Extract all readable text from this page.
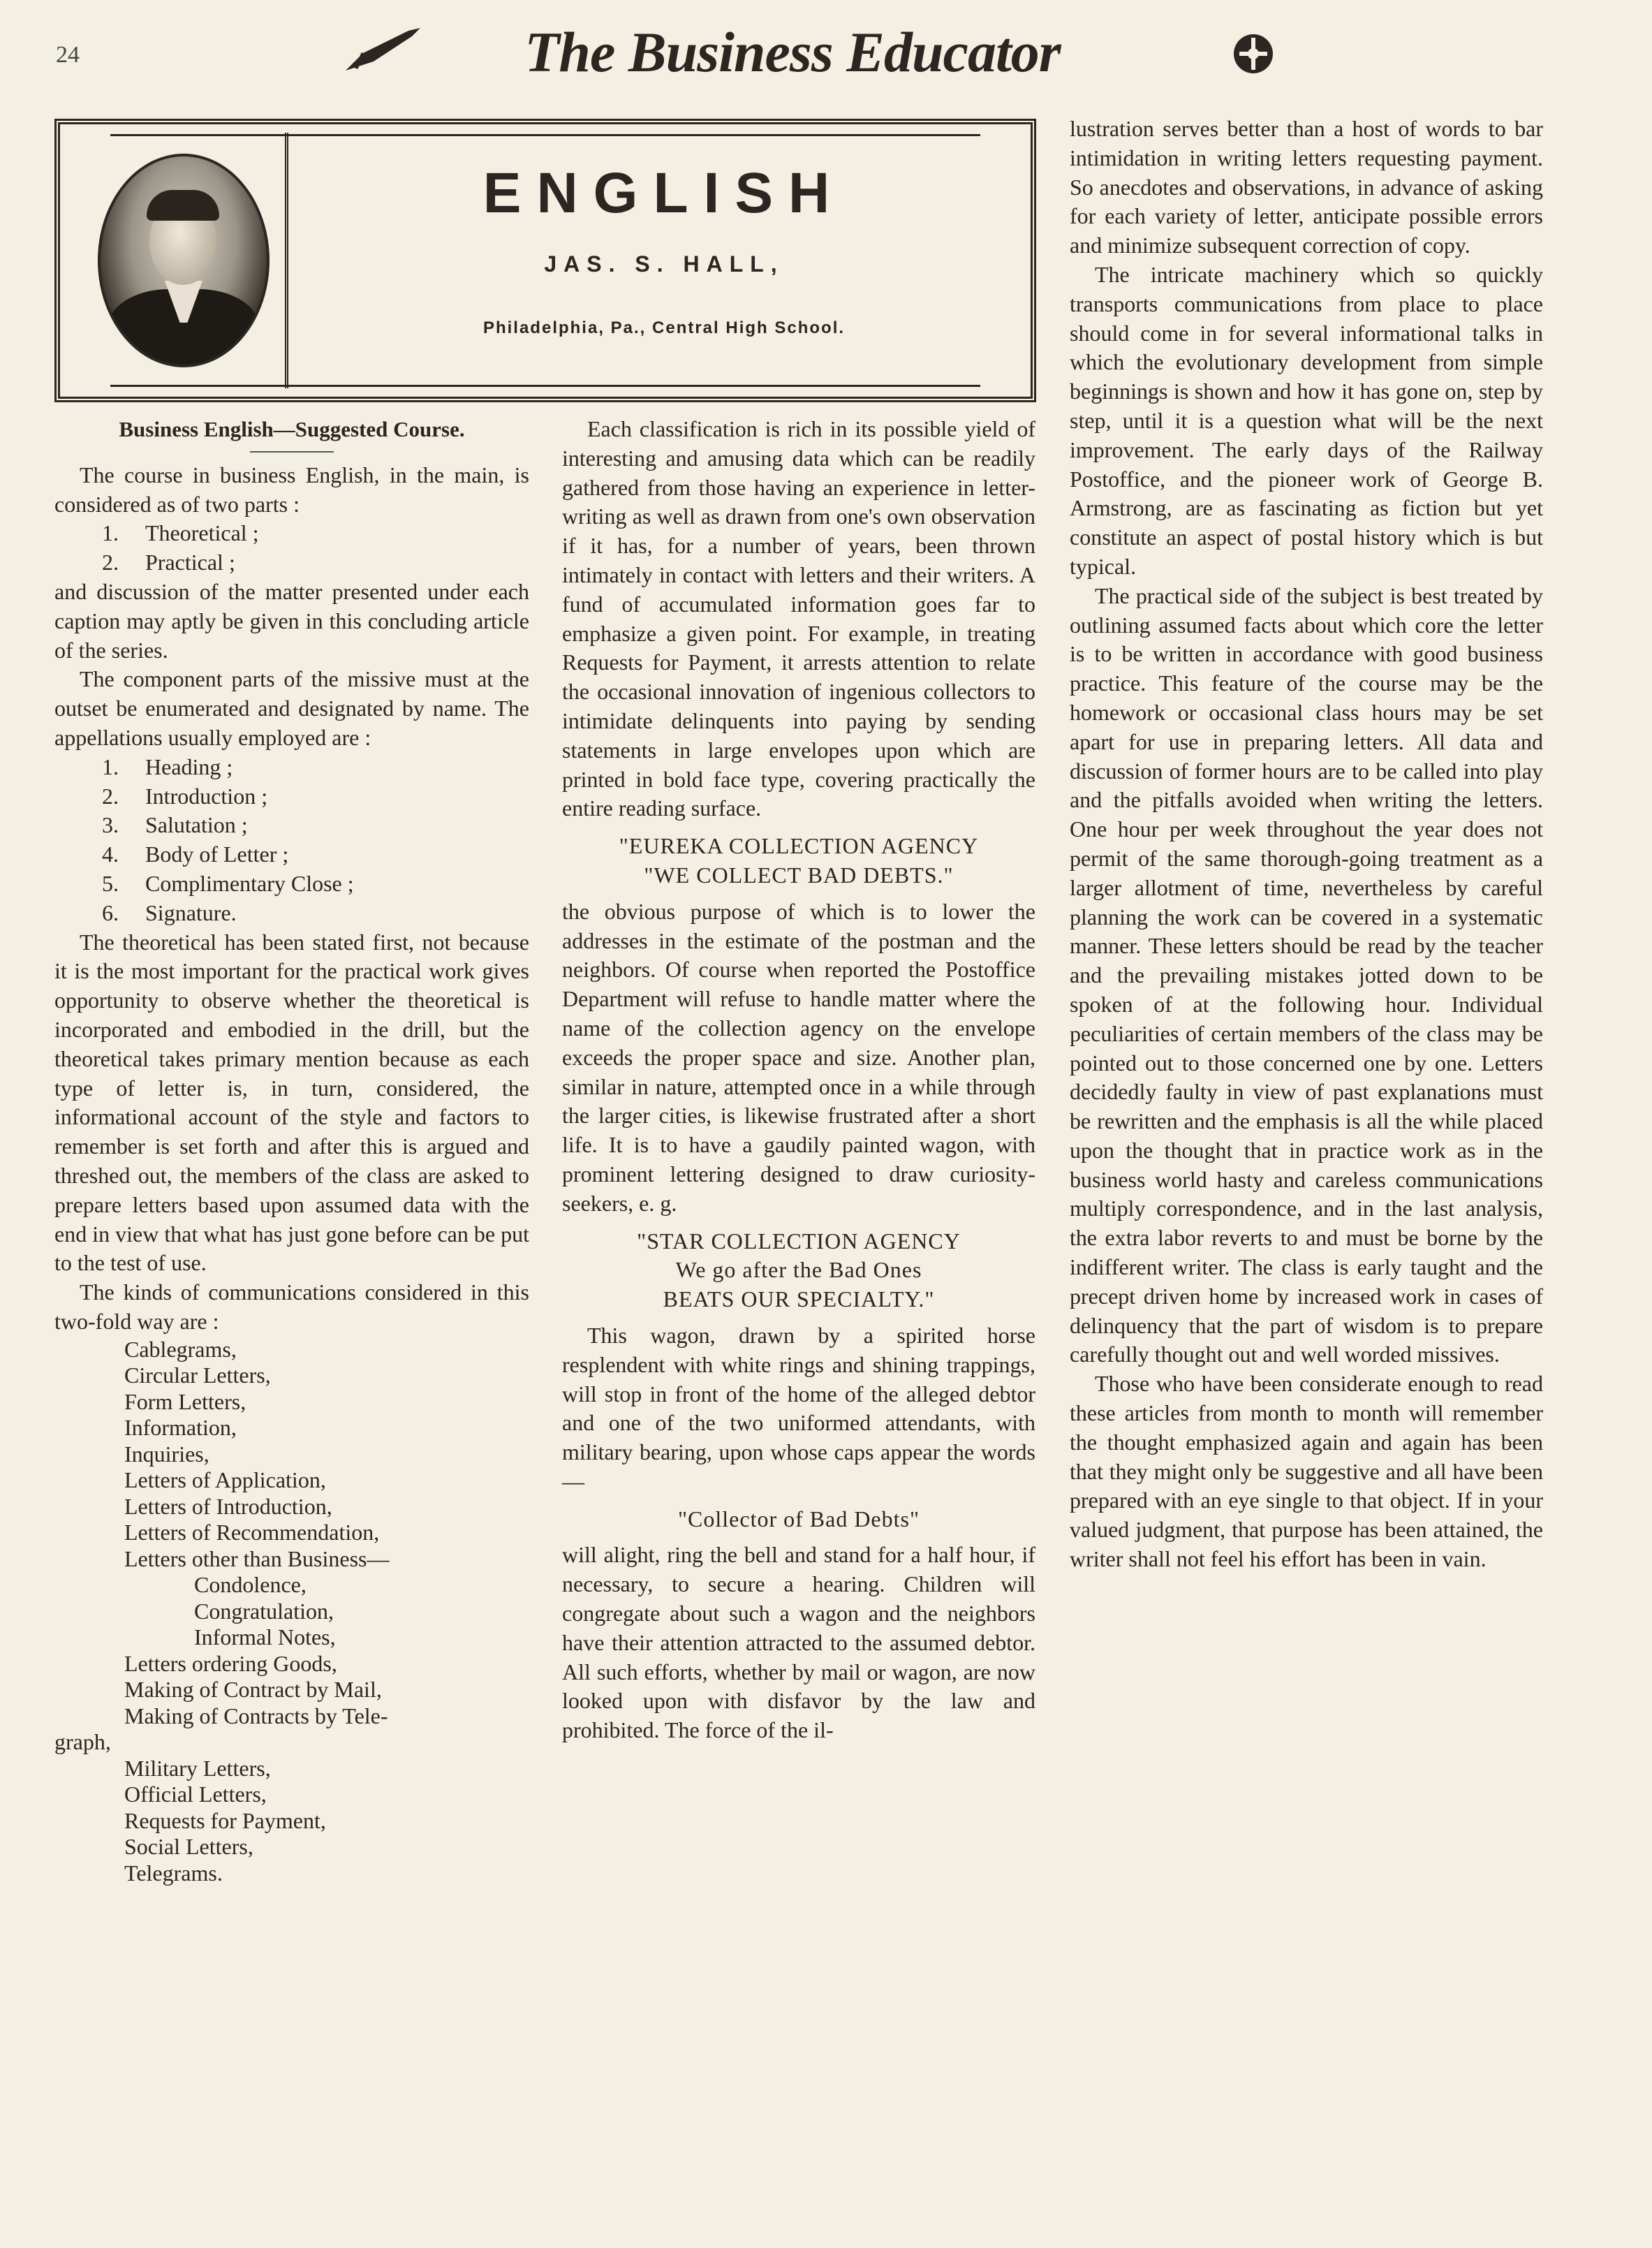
24	The Business Educator
ENGLISH
JAS. S. HALL,
Philadelphia, Pa., Central High School.

Business English—Suggested Course.

The course in business English, in the main, is considered as of two parts :

1. Theoretical ;
2. Practical ;

and discussion of the matter presented under each caption may aptly be given in this concluding article of the series.

The component parts of the missive must at the outset be enumerated and designated by name. The appellations usually employed are :

1. Heading ;
2. Introduction ;
3. Salutation ;
4. Body of Letter ;
5. Complimentary Close ;
6. Signature.

The theoretical has been stated first, not because it is the most important for the practical work gives opportunity to observe whether the theoretical is incorporated and embodied in the drill, but the theoretical takes primary mention because as each type of letter is, in turn, considered, the informational account of the style and factors to remember is set forth and after this is argued and threshed out, the members of the class are asked to prepare letters based upon assumed data with the end in view that what has just gone before can be put to the test of use.

The kinds of communications considered in this two-fold way are :

Cablegrams,
Circular Letters,
Form Letters,
Information,
Inquiries,
Letters of Application,
Letters of Introduction,
Letters of Recommendation,
Letters other than Business—
Condolence,
Congratulation,
Informal Notes,
Letters ordering Goods,
Making of Contract by Mail,
Making of Contracts by Tele-
graph,
Military Letters,
Official Letters,
Requests for Payment,
Social Letters,
Telegrams.

Each classification is rich in its possible yield of interesting and amusing data which can be readily gathered from those having an experience in letter-writing as well as drawn from one's own observation if it has, for a number of years, been thrown intimately in contact with letters and their writers. A fund of accumulated information goes far to emphasize a given point. For example, in treating Requests for Payment, it arrests attention to relate the occasional innovation of ingenious collectors to intimidate delinquents into paying by sending statements in large envelopes upon which are printed in bold face type, covering practically the entire reading surface.

"EUREKA COLLECTION AGENCY
"WE COLLECT BAD DEBTS."

the obvious purpose of which is to lower the addresses in the estimate of the postman and the neighbors. Of course when reported the Postoffice Department will refuse to handle matter where the name of the collection agency on the envelope exceeds the proper space and size. Another plan, similar in nature, attempted once in a while through the larger cities, is likewise frustrated after a short life. It is to have a gaudily painted wagon, with prominent lettering designed to draw curiosity-seekers, e. g.

"STAR COLLECTION AGENCY
We go after the Bad Ones
BEATS OUR SPECIALTY."

This wagon, drawn by a spirited horse resplendent with white rings and shining trappings, will stop in front of the home of the alleged debtor and one of the two uniformed attendants, with military bearing, upon whose caps appear the words—

"Collector of Bad Debts"

will alight, ring the bell and stand for a half hour, if necessary, to secure a hearing. Children will congregate about such a wagon and the neighbors have their attention attracted to the assumed debtor. All such efforts, whether by mail or wagon, are now looked upon with disfavor by the law and prohibited. The force of the il-

lustration serves better than a host of words to bar intimidation in writing letters requesting payment. So anecdotes and observations, in advance of asking for each variety of letter, anticipate possible errors and minimize subsequent correction of copy.

The intricate machinery which so quickly transports communications from place to place should come in for several informational talks in which the evolutionary development from simple beginnings is shown and how it has gone on, step by step, until it is a question what will be the next improvement. The early days of the Railway Postoffice, and the pioneer work of George B. Armstrong, are as fascinating as fiction but yet constitute an aspect of postal history which is but typical.

The practical side of the subject is best treated by outlining assumed facts about which core the letter is to be written in accordance with good business practice. This feature of the course may be the homework or occasional class hours may be set apart for use in preparing letters. All data and discussion of former hours are to be called into play and the pitfalls avoided when writing the letters. One hour per week throughout the year does not permit of the same thorough-going treatment as a larger allotment of time, nevertheless by careful planning the work can be covered in a systematic manner. These letters should be read by the teacher and the prevailing mistakes jotted down to be spoken of at the following hour. Individual peculiarities of certain members of the class may be pointed out to those concerned one by one. Letters decidedly faulty in view of past explanations must be rewritten and the emphasis is all the while placed upon the thought that in practice work as in the business world hasty and careless communications multiply correspondence, and in the last analysis, the extra labor reverts to and must be borne by the indifferent writer. The class is early taught and the precept driven home by increased work in cases of delinquency that the part of wisdom is to prepare carefully thought out and well worded missives.

Those who have been considerate enough to read these articles from month to month will remember the thought emphasized again and again has been that they might only be suggestive and all have been prepared with an eye single to that object. If in your valued judgment, that purpose has been attained, the writer shall not feel his effort has been in vain.
